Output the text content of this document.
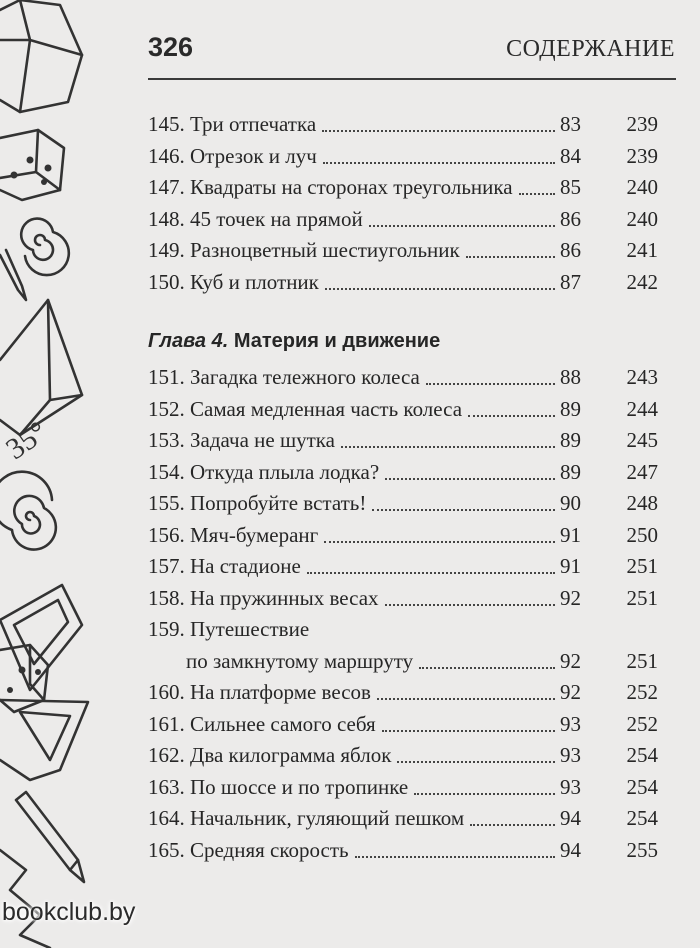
35°
326	СОДЕРЖАНИЕ
145. Три отпечатка	83	239
146. Отрезок и луч	84	239
147. Квадраты на сторонах треугольника	85	240
148. 45 точек на прямой	86	240
149. Разноцветный шестиугольник	86	241
150. Куб и плотник	87	242
Глава 4. Материя и движение
151. Загадка тележного колеса	88	243
152. Самая медленная часть колеса	89	244
153. Задача не шутка	89	245
154. Откуда плыла лодка?	89	247
155. Попробуйте встать!	90	248
156. Мяч-бумеранг	91	250
157. На стадионе	91	251
158. На пружинных весах	92	251
159. Путешествие
по замкнутому маршруту	92	251
160. На платформе весов	92	252
161. Сильнее самого себя	93	252
162. Два килограмма яблок	93	254
163. По шоссе и по тропинке	93	254
164. Начальник, гуляющий пешком	94	254
165. Средняя скорость	94	255
bookclub.by
